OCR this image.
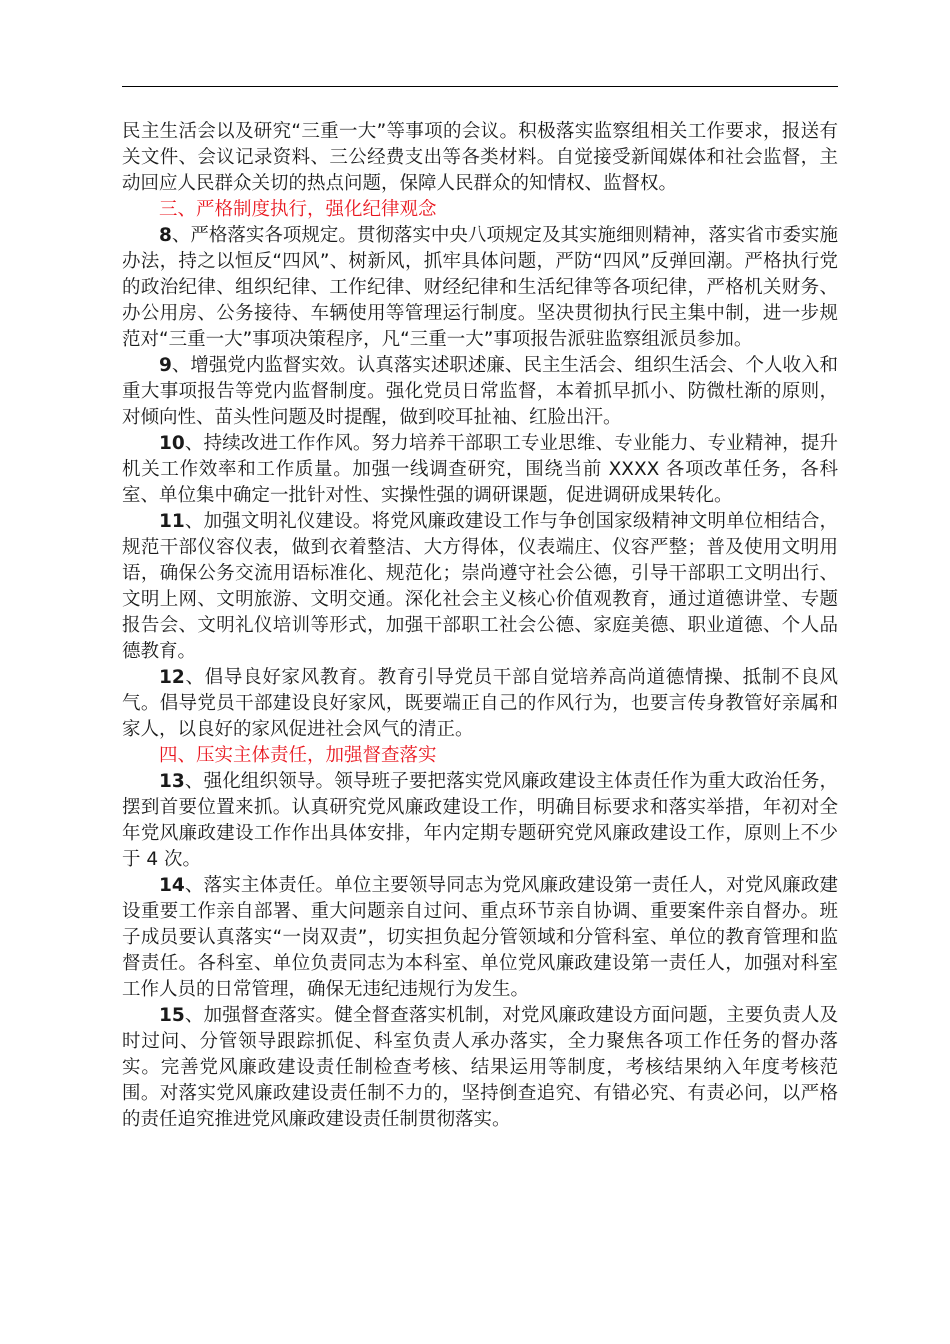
民主生活会以及研究“三重一大”等事项的会议。积极落实监察组相关工作要求，报送有关文件、会议记录资料、三公经费支出等各类材料。自觉接受新闻媒体和社会监督，主动回应人民群众关切的热点问题，保障人民群众的知情权、监督权。

三、严格制度执行，强化纪律观念

8、严格落实各项规定。贯彻落实中央八项规定及其实施细则精神，落实省市委实施办法，持之以恒反“四风”、树新风，抓牢具体问题，严防“四风”反弹回潮。严格执行党的政治纪律、组织纪律、工作纪律、财经纪律和生活纪律等各项纪律，严格机关财务、办公用房、公务接待、车辆使用等管理运行制度。坚决贯彻执行民主集中制，进一步规范对“三重一大”事项决策程序，凡“三重一大”事项报告派驻监察组派员参加。

9、增强党内监督实效。认真落实述职述廉、民主生活会、组织生活会、个人收入和重大事项报告等党内监督制度。强化党员日常监督，本着抓早抓小、防微杜渐的原则，对倾向性、苗头性问题及时提醒，做到咬耳扯袖、红脸出汗。

10、持续改进工作作风。努力培养干部职工专业思维、专业能力、专业精神，提升机关工作效率和工作质量。加强一线调查研究，围绕当前 XXXX 各项改革任务，各科室、单位集中确定一批针对性、实操性强的调研课题，促进调研成果转化。

11、加强文明礼仪建设。将党风廉政建设工作与争创国家级精神文明单位相结合，规范干部仪容仪表，做到衣着整洁、大方得体，仪表端庄、仪容严整；普及使用文明用语，确保公务交流用语标准化、规范化；崇尚遵守社会公德，引导干部职工文明出行、文明上网、文明旅游、文明交通。深化社会主义核心价值观教育，通过道德讲堂、专题报告会、文明礼仪培训等形式，加强干部职工社会公德、家庭美德、职业道德、个人品德教育。

12、倡导良好家风教育。教育引导党员干部自觉培养高尚道德情操、抵制不良风气。倡导党员干部建设良好家风，既要端正自己的作风行为，也要言传身教管好亲属和家人，以良好的家风促进社会风气的清正。

四、压实主体责任，加强督查落实

13、强化组织领导。领导班子要把落实党风廉政建设主体责任作为重大政治任务，摆到首要位置来抓。认真研究党风廉政建设工作，明确目标要求和落实举措，年初对全年党风廉政建设工作作出具体安排，年内定期专题研究党风廉政建设工作，原则上不少于 4 次。

14、落实主体责任。单位主要领导同志为党风廉政建设第一责任人，对党风廉政建设重要工作亲自部署、重大问题亲自过问、重点环节亲自协调、重要案件亲自督办。班子成员要认真落实“一岗双责”，切实担负起分管领域和分管科室、单位的教育管理和监督责任。各科室、单位负责同志为本科室、单位党风廉政建设第一责任人，加强对科室工作人员的日常管理，确保无违纪违规行为发生。

15、加强督查落实。健全督查落实机制，对党风廉政建设方面问题，主要负责人及时过问、分管领导跟踪抓促、科室负责人承办落实，全力聚焦各项工作任务的督办落实。完善党风廉政建设责任制检查考核、结果运用等制度，考核结果纳入年度考核范围。对落实党风廉政建设责任制不力的，坚持倒查追究、有错必究、有责必问，以严格的责任追究推进党风廉政建设责任制贯彻落实。
